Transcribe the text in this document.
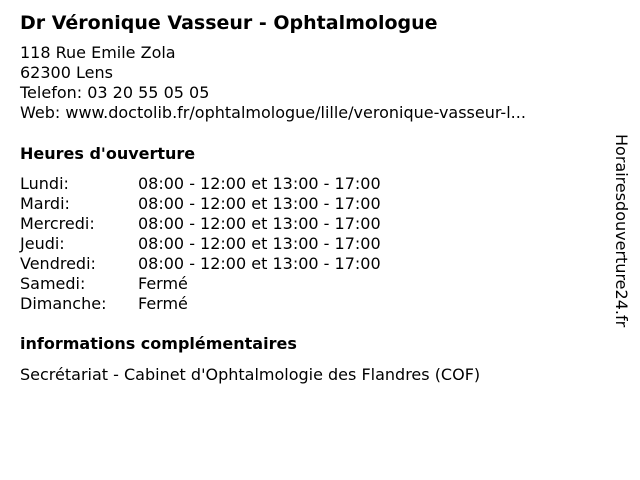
Dr Véronique Vasseur - Ophtalmologue
118 Rue Emile Zola
62300 Lens
Telefon: 03 20 55 05 05
Web: www.doctolib.fr/ophtalmologue/lille/veronique-vasseur-l...
Heures d'ouverture
Lundi:	08:00 - 12:00 et 13:00 - 17:00
Mardi:	08:00 - 12:00 et 13:00 - 17:00
Mercredi:	08:00 - 12:00 et 13:00 - 17:00
Jeudi:	08:00 - 12:00 et 13:00 - 17:00
Vendredi:	08:00 - 12:00 et 13:00 - 17:00
Samedi:	Fermé
Dimanche:	Fermé
informations complémentaires
Secrétariat - Cabinet d'Ophtalmologie des Flandres (COF)
Horairesdouverture24.fr
